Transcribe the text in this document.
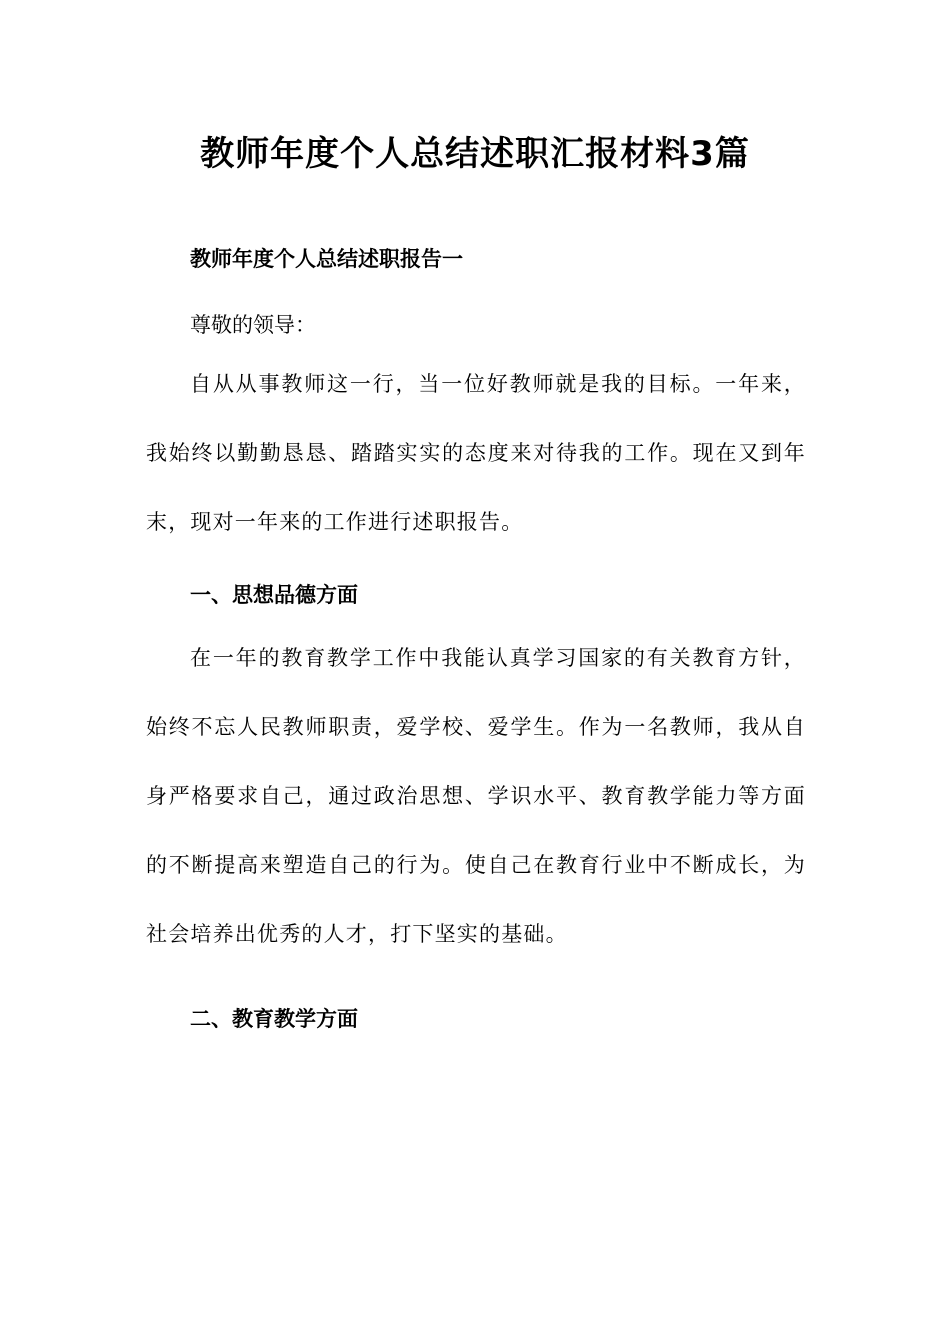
教师年度个人总结述职汇报材料3篇
教师年度个人总结述职报告一
尊敬的领导：
自从从事教师这一行，当一位好教师就是我的目标。一年来，我始终以勤勤恳恳、踏踏实实的态度来对待我的工作。现在又到年末，现对一年来的工作进行述职报告。
一、思想品德方面
在一年的教育教学工作中我能认真学习国家的有关教育方针，始终不忘人民教师职责，爱学校、爱学生。作为一名教师，我从自身严格要求自己，通过政治思想、学识水平、教育教学能力等方面的不断提高来塑造自己的行为。使自己在教育行业中不断成长，为社会培养出优秀的人才，打下坚实的基础。
二、教育教学方面
